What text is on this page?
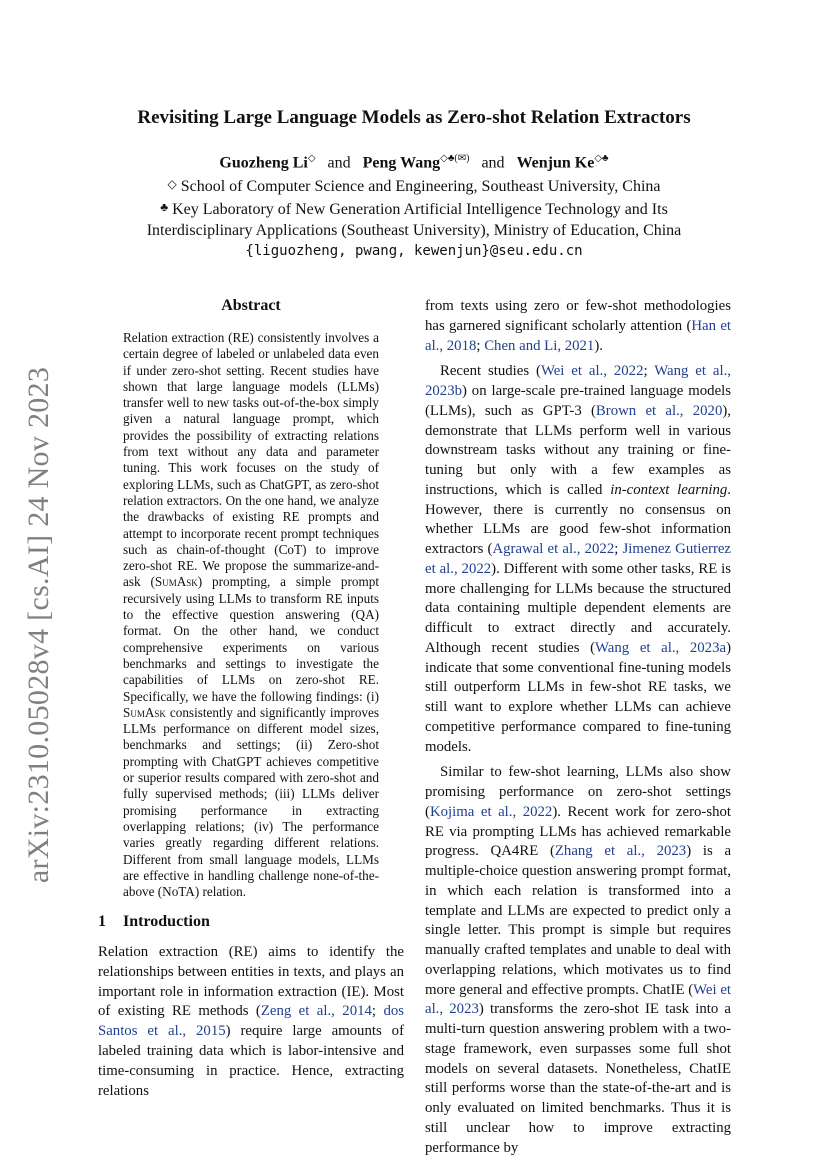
arXiv:2310.05028v4 [cs.AI] 24 Nov 2023
Revisiting Large Language Models as Zero-shot Relation Extractors
Guozheng Li◇ and Peng Wang◇♣(✉) and Wenjun Ke◇♣
◇ School of Computer Science and Engineering, Southeast University, China
♣ Key Laboratory of New Generation Artificial Intelligence Technology and Its
Interdisciplinary Applications (Southeast University), Ministry of Education, China
{liguozheng, pwang, kewenjun}@seu.edu.cn
Abstract
Relation extraction (RE) consistently involves a certain degree of labeled or unlabeled data even if under zero-shot setting. Recent studies have shown that large language models (LLMs) transfer well to new tasks out-of-the-box simply given a natural language prompt, which provides the possibility of extracting relations from text without any data and parameter tuning. This work focuses on the study of exploring LLMs, such as ChatGPT, as zero-shot relation extractors. On the one hand, we analyze the drawbacks of existing RE prompts and attempt to incorporate recent prompt techniques such as chain-of-thought (CoT) to improve zero-shot RE. We propose the summarize-and-ask (SumAsk) prompting, a simple prompt recursively using LLMs to transform RE inputs to the effective question answering (QA) format. On the other hand, we conduct comprehensive experiments on various benchmarks and settings to investigate the capabilities of LLMs on zero-shot RE. Specifically, we have the following findings: (i) SumAsk consistently and significantly improves LLMs performance on different model sizes, benchmarks and settings; (ii) Zero-shot prompting with ChatGPT achieves competitive or superior results compared with zero-shot and fully supervised methods; (iii) LLMs deliver promising performance in extracting overlapping relations; (iv) The performance varies greatly regarding different relations. Different from small language models, LLMs are effective in handling challenge none-of-the-above (NoTA) relation.
1 Introduction
Relation extraction (RE) aims to identify the relationships between entities in texts, and plays an important role in information extraction (IE). Most of existing RE methods (Zeng et al., 2014; dos Santos et al., 2015) require large amounts of labeled training data which is labor-intensive and time-consuming in practice. Hence, extracting relations

from texts using zero or few-shot methodologies has garnered significant scholarly attention (Han et al., 2018; Chen and Li, 2021).

Recent studies (Wei et al., 2022; Wang et al., 2023b) on large-scale pre-trained language models (LLMs), such as GPT-3 (Brown et al., 2020), demonstrate that LLMs perform well in various downstream tasks without any training or fine-tuning but only with a few examples as instructions, which is called in-context learning. However, there is currently no consensus on whether LLMs are good few-shot information extractors (Agrawal et al., 2022; Jimenez Gutierrez et al., 2022). Different with some other tasks, RE is more challenging for LLMs because the structured data containing multiple dependent elements are difficult to extract directly and accurately. Although recent studies (Wang et al., 2023a) indicate that some conventional fine-tuning models still outperform LLMs in few-shot RE tasks, we still want to explore whether LLMs can achieve competitive performance compared to fine-tuning models.

Similar to few-shot learning, LLMs also show promising performance on zero-shot settings (Kojima et al., 2022). Recent work for zero-shot RE via prompting LLMs has achieved remarkable progress. QA4RE (Zhang et al., 2023) is a multiple-choice question answering prompt format, in which each relation is transformed into a template and LLMs are expected to predict only a single letter. This prompt is simple but requires manually crafted templates and unable to deal with overlapping relations, which motivates us to find more general and effective prompts. ChatIE (Wei et al., 2023) transforms the zero-shot IE task into a multi-turn question answering problem with a two-stage framework, even surpasses some full shot models on several datasets. Nonetheless, ChatIE still performs worse than the state-of-the-art and is only evaluated on limited benchmarks. Thus it is still unclear how to improve extracting performance by
